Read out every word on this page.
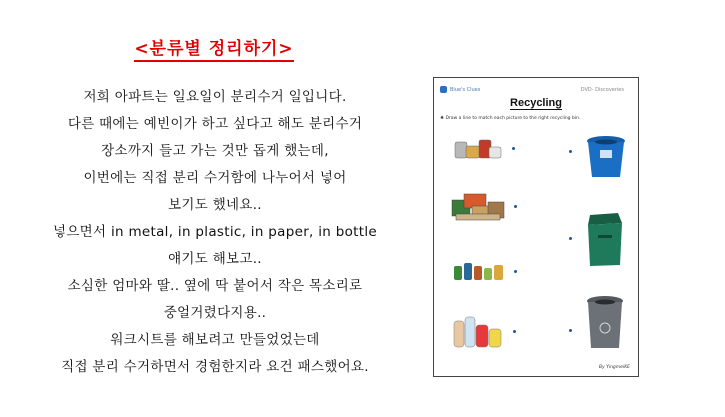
<분류별 정리하기>
저희 아파트는 일요일이 분리수거 일입니다.
다른 때에는 예빈이가 하고 싶다고 해도 분리수거
장소까지 들고 가는 것만 돕게 했는데,
이번에는 직접 분리 수거함에 나누어서 넣어
보기도 했네요..
넣으면서 in metal, in plastic, in paper, in bottle
얘기도 해보고..
소심한 엄마와 딸.. 옆에 딱 붙어서 작은 목소리로
중얼거렸다지용..
워크시트를 해보려고 만들었었는데
직접 분리 수거하면서 경험한지라 요건 패스했어요.
Blue's Clues	DVD- Discoveries
Recycling
♣ Draw a line to match each picture to the right recycling bin.
By YingmeiKE
